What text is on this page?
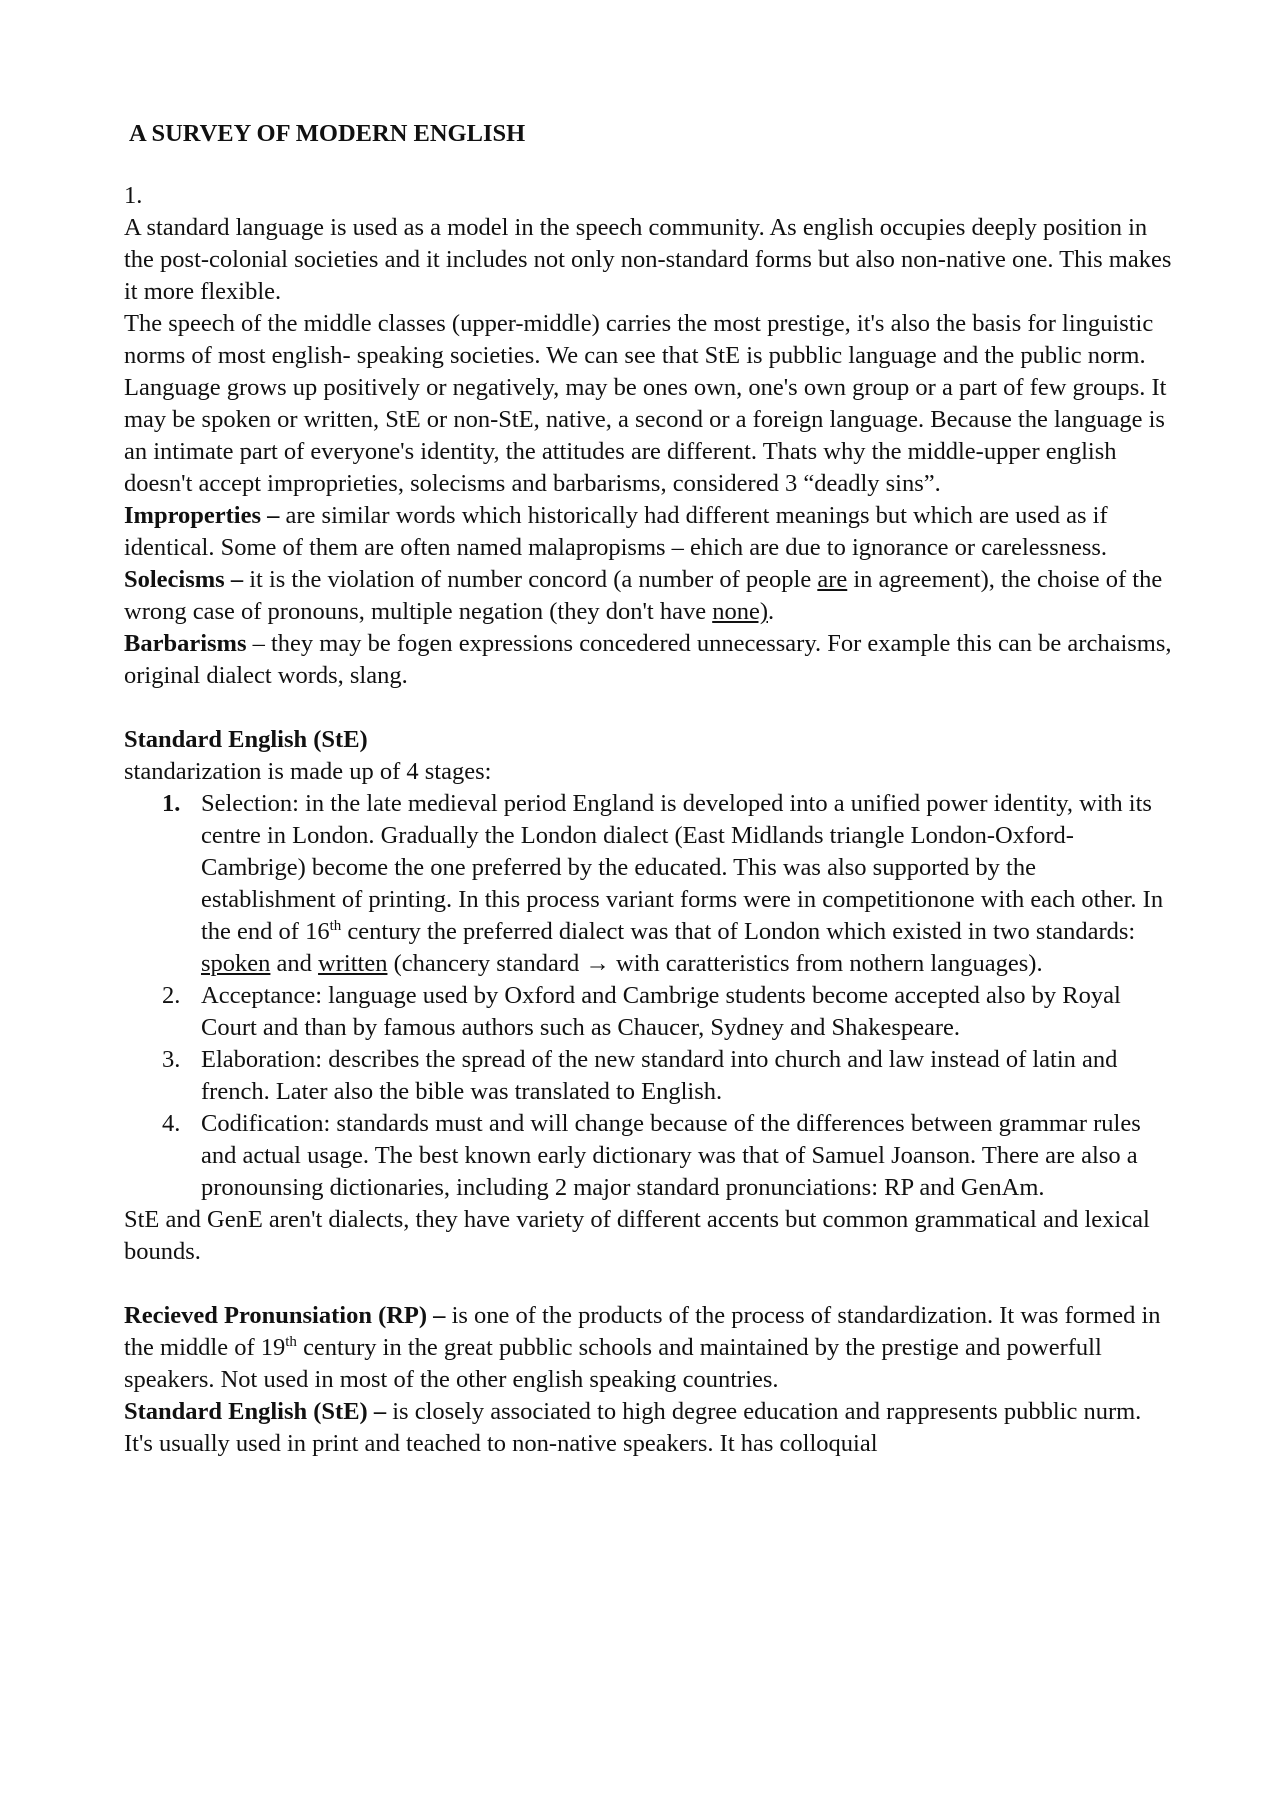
A SURVEY OF MODERN ENGLISH

1.

A standard language is used as a model in the speech community. As english occupies deeply position in the post-colonial societies and it includes not only non-standard forms but also non-native one. This makes it more flexible.

The speech of the middle classes (upper-middle) carries the most prestige, it's also the basis for linguistic norms of most english- speaking societies. We can see that StE is pubblic language and the public norm.

Language grows up positively or negatively, may be ones own, one's own group or a part of few groups. It may be spoken or written, StE or non-StE, native, a second or a foreign language. Because the language is an intimate part of everyone's identity, the attitudes are different. Thats why the middle-upper english doesn't accept improprieties, solecisms and barbarisms, considered 3 “deadly sins”.

Improperties – are similar words which historically had different meanings but which are used as if identical. Some of them are often named malapropisms – ehich are due to ignorance or carelessness.

Solecisms – it is the violation of number concord (a number of people are in agreement), the choise of the wrong case of pronouns, multiple negation (they don't have none).

Barbarisms – they may be fogen expressions concedered unnecessary. For example this can be archaisms, original dialect words, slang.

Standard English (StE)

standarization is made up of 4 stages:

1. Selection: in the late medieval period England is developed into a unified power identity, with its centre in London. Gradually the London dialect (East Midlands triangle London-Oxford-Cambrige) become the one preferred by the educated. This was also supported by the establishment of printing. In this process variant forms were in competitionone with each other. In the end of 16th century the preferred dialect was that of London which existed in two standards: spoken and written (chancery standard → with caratteristics from nothern languages).
2. Acceptance: language used by Oxford and Cambrige students become accepted also by Royal Court and than by famous authors such as Chaucer, Sydney and Shakespeare.
3. Elaboration: describes the spread of the new standard into church and law instead of latin and french. Later also the bible was translated to English.
4. Codification: standards must and will change because of the differences between grammar rules and actual usage. The best known early dictionary was that of Samuel Joanson. There are also a pronounsing dictionaries, including 2 major standard pronunciations: RP and GenAm.

StE and GenE aren't dialects, they have variety of different accents but common grammatical and lexical bounds.

Recieved Pronunsiation (RP) – is one of the products of the process of standardization. It was formed in the middle of 19th century in the great pubblic schools and maintained by the prestige and powerfull speakers. Not used in most of the other english speaking countries.

Standard English (StE) – is closely associated to high degree education and rappresents pubblic nurm. It's usually used in print and teached to non-native speakers. It has colloquial
